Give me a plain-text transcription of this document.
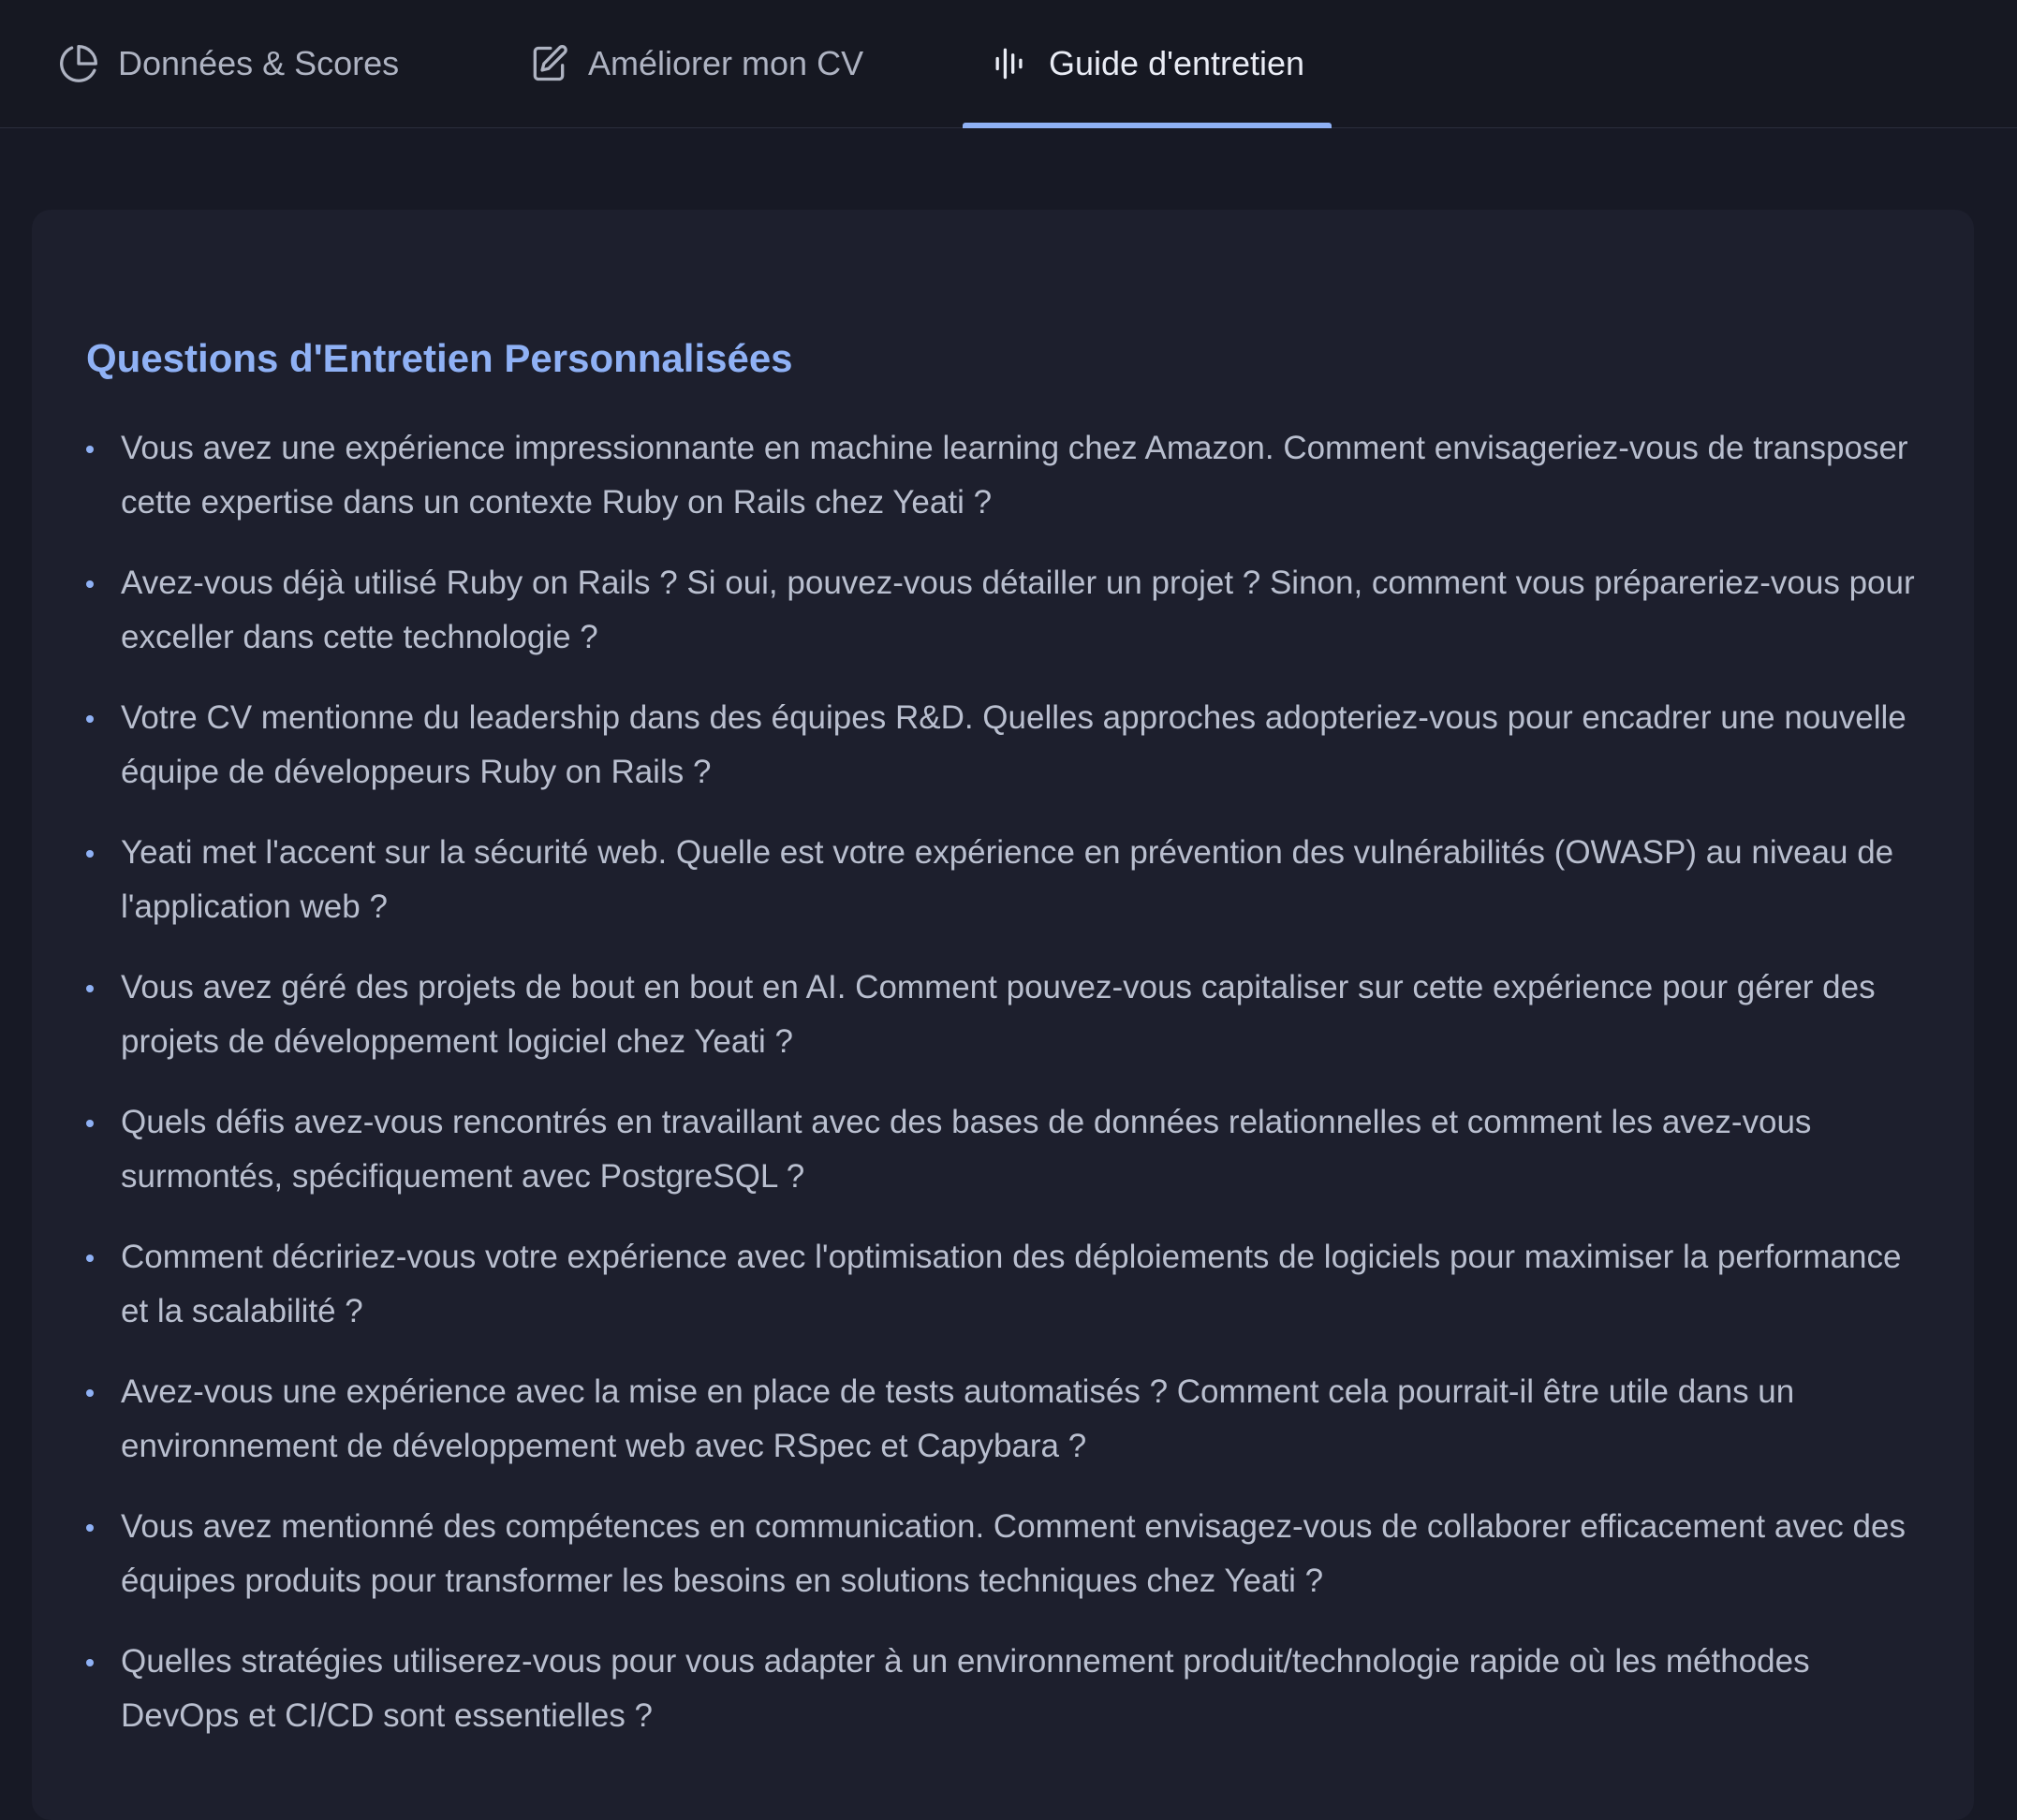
Données & Scores	Améliorer mon CV	Guide d'entretien
Questions d'Entretien Personnalisées
Vous avez une expérience impressionnante en machine learning chez Amazon. Comment envisageriez-vous de transposer cette expertise dans un contexte Ruby on Rails chez Yeati ?
Avez-vous déjà utilisé Ruby on Rails ? Si oui, pouvez-vous détailler un projet ? Sinon, comment vous prépareriez-vous pour exceller dans cette technologie ?
Votre CV mentionne du leadership dans des équipes R&D. Quelles approches adopteriez-vous pour encadrer une nouvelle équipe de développeurs Ruby on Rails ?
Yeati met l'accent sur la sécurité web. Quelle est votre expérience en prévention des vulnérabilités (OWASP) au niveau de l'application web ?
Vous avez géré des projets de bout en bout en AI. Comment pouvez-vous capitaliser sur cette expérience pour gérer des projets de développement logiciel chez Yeati ?
Quels défis avez-vous rencontrés en travaillant avec des bases de données relationnelles et comment les avez-vous surmontés, spécifiquement avec PostgreSQL ?
Comment décririez-vous votre expérience avec l'optimisation des déploiements de logiciels pour maximiser la performance et la scalabilité ?
Avez-vous une expérience avec la mise en place de tests automatisés ? Comment cela pourrait-il être utile dans un environnement de développement web avec RSpec et Capybara ?
Vous avez mentionné des compétences en communication. Comment envisagez-vous de collaborer efficacement avec des équipes produits pour transformer les besoins en solutions techniques chez Yeati ?
Quelles stratégies utiliserez-vous pour vous adapter à un environnement produit/technologie rapide où les méthodes DevOps et CI/CD sont essentielles ?
